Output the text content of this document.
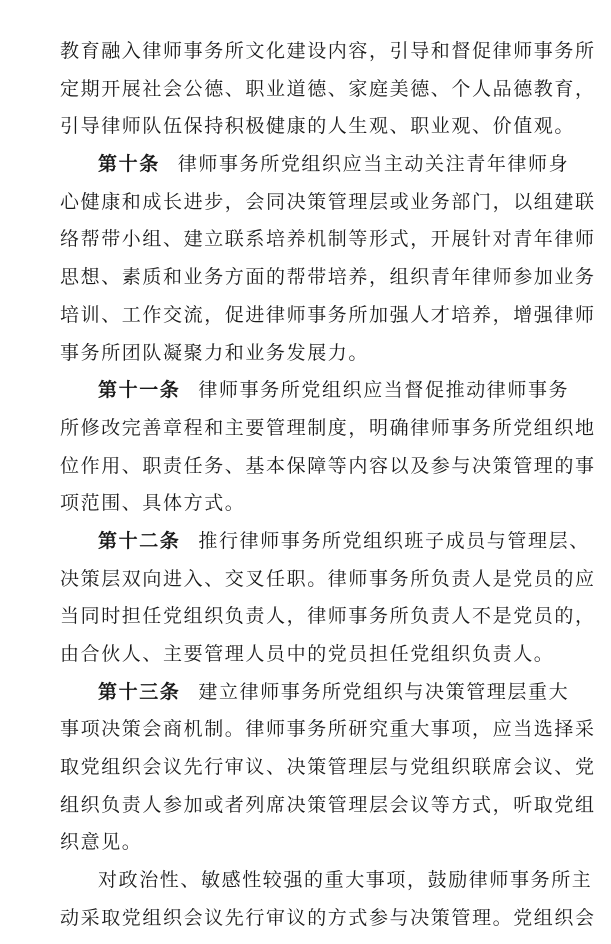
教育融入律师事务所文化建设内容，引导和督促律师事务所
定期开展社会公德、职业道德、家庭美德、个人品德教育，
引导律师队伍保持积极健康的人生观、职业观、价值观。
第十条 律师事务所党组织应当主动关注青年律师身
心健康和成长进步，会同决策管理层或业务部门，以组建联
络帮带小组、建立联系培养机制等形式，开展针对青年律师
思想、素质和业务方面的帮带培养，组织青年律师参加业务
培训、工作交流，促进律师事务所加强人才培养，增强律师
事务所团队凝聚力和业务发展力。
第十一条 律师事务所党组织应当督促推动律师事务
所修改完善章程和主要管理制度，明确律师事务所党组织地
位作用、职责任务、基本保障等内容以及参与决策管理的事
项范围、具体方式。
第十二条 推行律师事务所党组织班子成员与管理层、
决策层双向进入、交叉任职。律师事务所负责人是党员的应
当同时担任党组织负责人，律师事务所负责人不是党员的，
由合伙人、主要管理人员中的党员担任党组织负责人。
第十三条 建立律师事务所党组织与决策管理层重大
事项决策会商机制。律师事务所研究重大事项，应当选择采
取党组织会议先行审议、决策管理层与党组织联席会议、党
组织负责人参加或者列席决策管理层会议等方式，听取党组
织意见。
对政治性、敏感性较强的重大事项，鼓励律师事务所主
动采取党组织会议先行审议的方式参与决策管理。党组织会
